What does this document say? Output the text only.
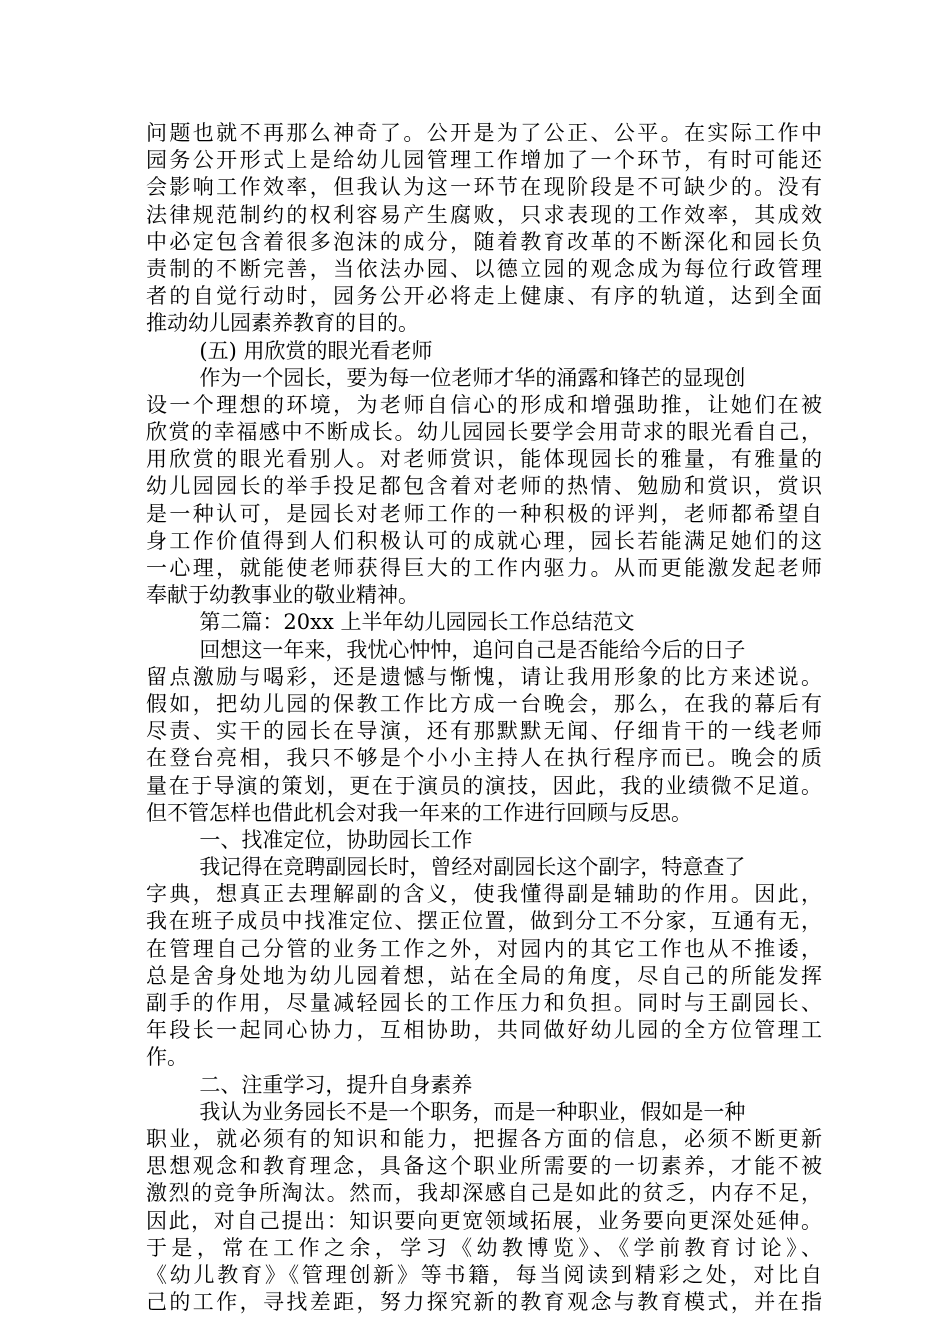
问题也就不再那么神奇了。公开是为了公正、公平。在实际工作中
园务公开形式上是给幼儿园管理工作增加了一个环节，有时可能还
会影响工作效率，但我认为这一环节在现阶段是不可缺少的。没有
法律规范制约的权利容易产生腐败，只求表现的工作效率，其成效
中必定包含着很多泡沫的成分，随着教育改革的不断深化和园长负
责制的不断完善，当依法办园、以德立园的观念成为每位行政管理
者的自觉行动时，园务公开必将走上健康、有序的轨道，达到全面
推动幼儿园素养教育的目的。
(五) 用欣赏的眼光看老师
作为一个园长，要为每一位老师才华的涌露和锋芒的显现创
设一个理想的环境，为老师自信心的形成和增强助推，让她们在被
欣赏的幸福感中不断成长。幼儿园园长要学会用苛求的眼光看自己，
用欣赏的眼光看别人。对老师赏识，能体现园长的雅量，有雅量的
幼儿园园长的举手投足都包含着对老师的热情、勉励和赏识，赏识
是一种认可，是园长对老师工作的一种积极的评判，老师都希望自
身工作价值得到人们积极认可的成就心理，园长若能满足她们的这
一心理，就能使老师获得巨大的工作内驱力。从而更能激发起老师
奉献于幼教事业的敬业精神。
第二篇：20xx 上半年幼儿园园长工作总结范文
回想这一年来，我忧心忡忡，追问自己是否能给今后的日子
留点激励与喝彩，还是遗憾与惭愧，请让我用形象的比方来述说。
假如，把幼儿园的保教工作比方成一台晚会，那么，在我的幕后有
尽责、实干的园长在导演，还有那默默无闻、仔细肯干的一线老师
在登台亮相，我只不够是个小小主持人在执行程序而已。晚会的质
量在于导演的策划，更在于演员的演技，因此，我的业绩微不足道。
但不管怎样也借此机会对我一年来的工作进行回顾与反思。
一、找准定位，协助园长工作
我记得在竞聘副园长时，曾经对副园长这个副字，特意查了
字典，想真正去理解副的含义，使我懂得副是辅助的作用。因此，
我在班子成员中找准定位、摆正位置，做到分工不分家，互通有无，
在管理自己分管的业务工作之外，对园内的其它工作也从不推诿，
总是舍身处地为幼儿园着想，站在全局的角度，尽自己的所能发挥
副手的作用，尽量减轻园长的工作压力和负担。同时与王副园长、
年段长一起同心协力，互相协助，共同做好幼儿园的全方位管理工
作。
二、注重学习，提升自身素养
我认为业务园长不是一个职务，而是一种职业，假如是一种
职业，就必须有的知识和能力，把握各方面的信息，必须不断更新
思想观念和教育理念，具备这个职业所需要的一切素养，才能不被
激烈的竞争所淘汰。然而，我却深感自己是如此的贫乏，内存不足，
因此，对自己提出：知识要向更宽领域拓展，业务要向更深处延伸。
于是，常在工作之余，学习《幼教博览》、《学前教育讨论》、
《幼儿教育》《管理创新》等书籍，每当阅读到精彩之处，对比自
己的工作，寻找差距，努力探究新的教育观念与教育模式，并在指
